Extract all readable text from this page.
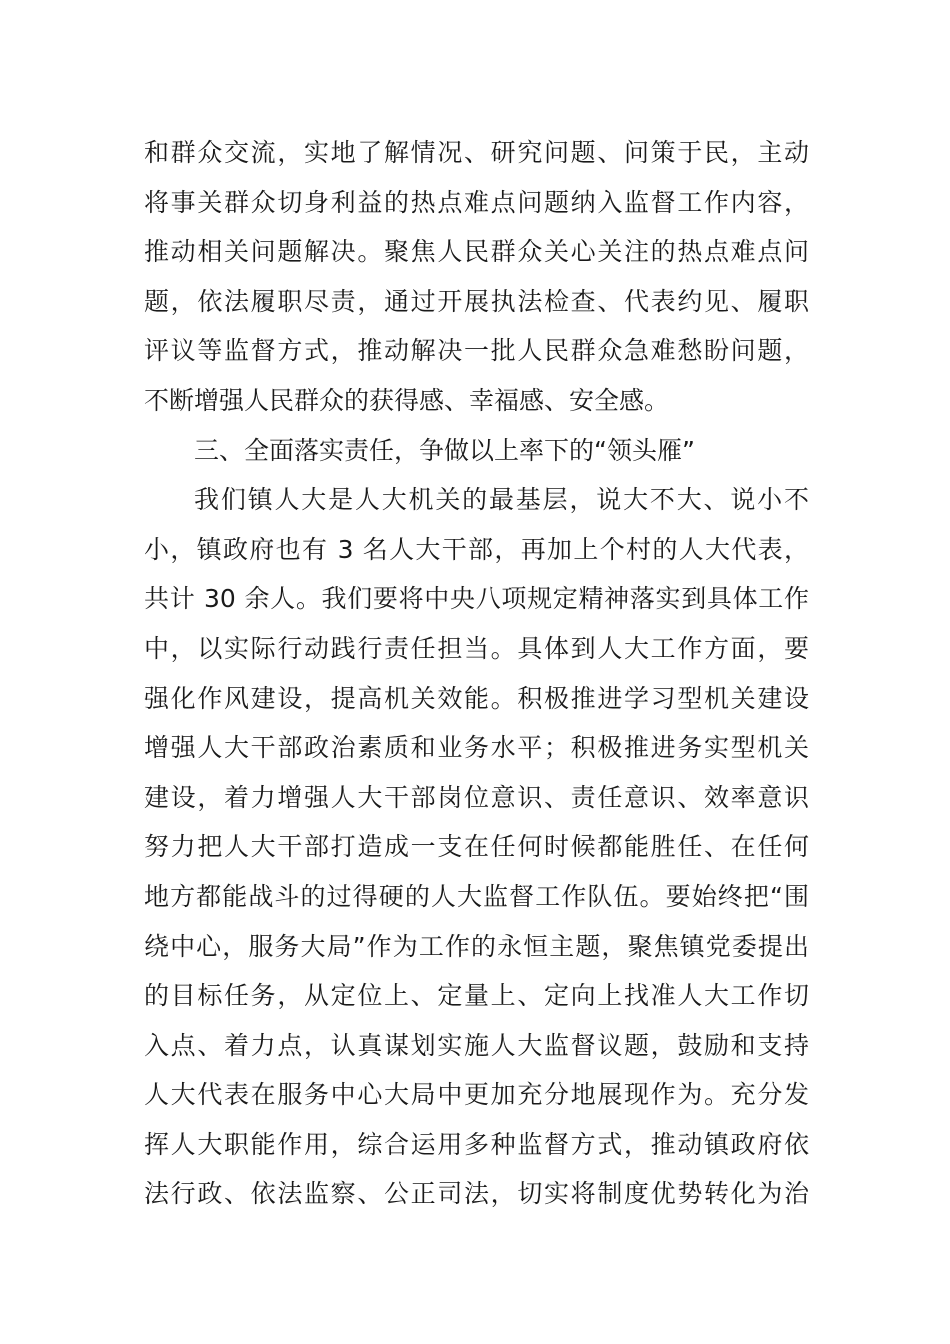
和群众交流，实地了解情况、研究问题、问策于民，主动
将事关群众切身利益的热点难点问题纳入监督工作内容，
推动相关问题解决。聚焦人民群众关心关注的热点难点问
题，依法履职尽责，通过开展执法检查、代表约见、履职
评议等监督方式，推动解决一批人民群众急难愁盼问题，
不断增强人民群众的获得感、幸福感、安全感。
三、全面落实责任，争做以上率下的“领头雁”
我们镇人大是人大机关的最基层，说大不大、说小不
小，镇政府也有 3 名人大干部，再加上个村的人大代表，
共计 30 余人。我们要将中央八项规定精神落实到具体工作
中，以实际行动践行责任担当。具体到人大工作方面，要
强化作风建设，提高机关效能。积极推进学习型机关建设
增强人大干部政治素质和业务水平；积极推进务实型机关
建设，着力增强人大干部岗位意识、责任意识、效率意识
努力把人大干部打造成一支在任何时候都能胜任、在任何
地方都能战斗的过得硬的人大监督工作队伍。要始终把“围
绕中心，服务大局”作为工作的永恒主题，聚焦镇党委提出
的目标任务，从定位上、定量上、定向上找准人大工作切
入点、着力点，认真谋划实施人大监督议题，鼓励和支持
人大代表在服务中心大局中更加充分地展现作为。充分发
挥人大职能作用，综合运用多种监督方式，推动镇政府依
法行政、依法监察、公正司法，切实将制度优势转化为治
